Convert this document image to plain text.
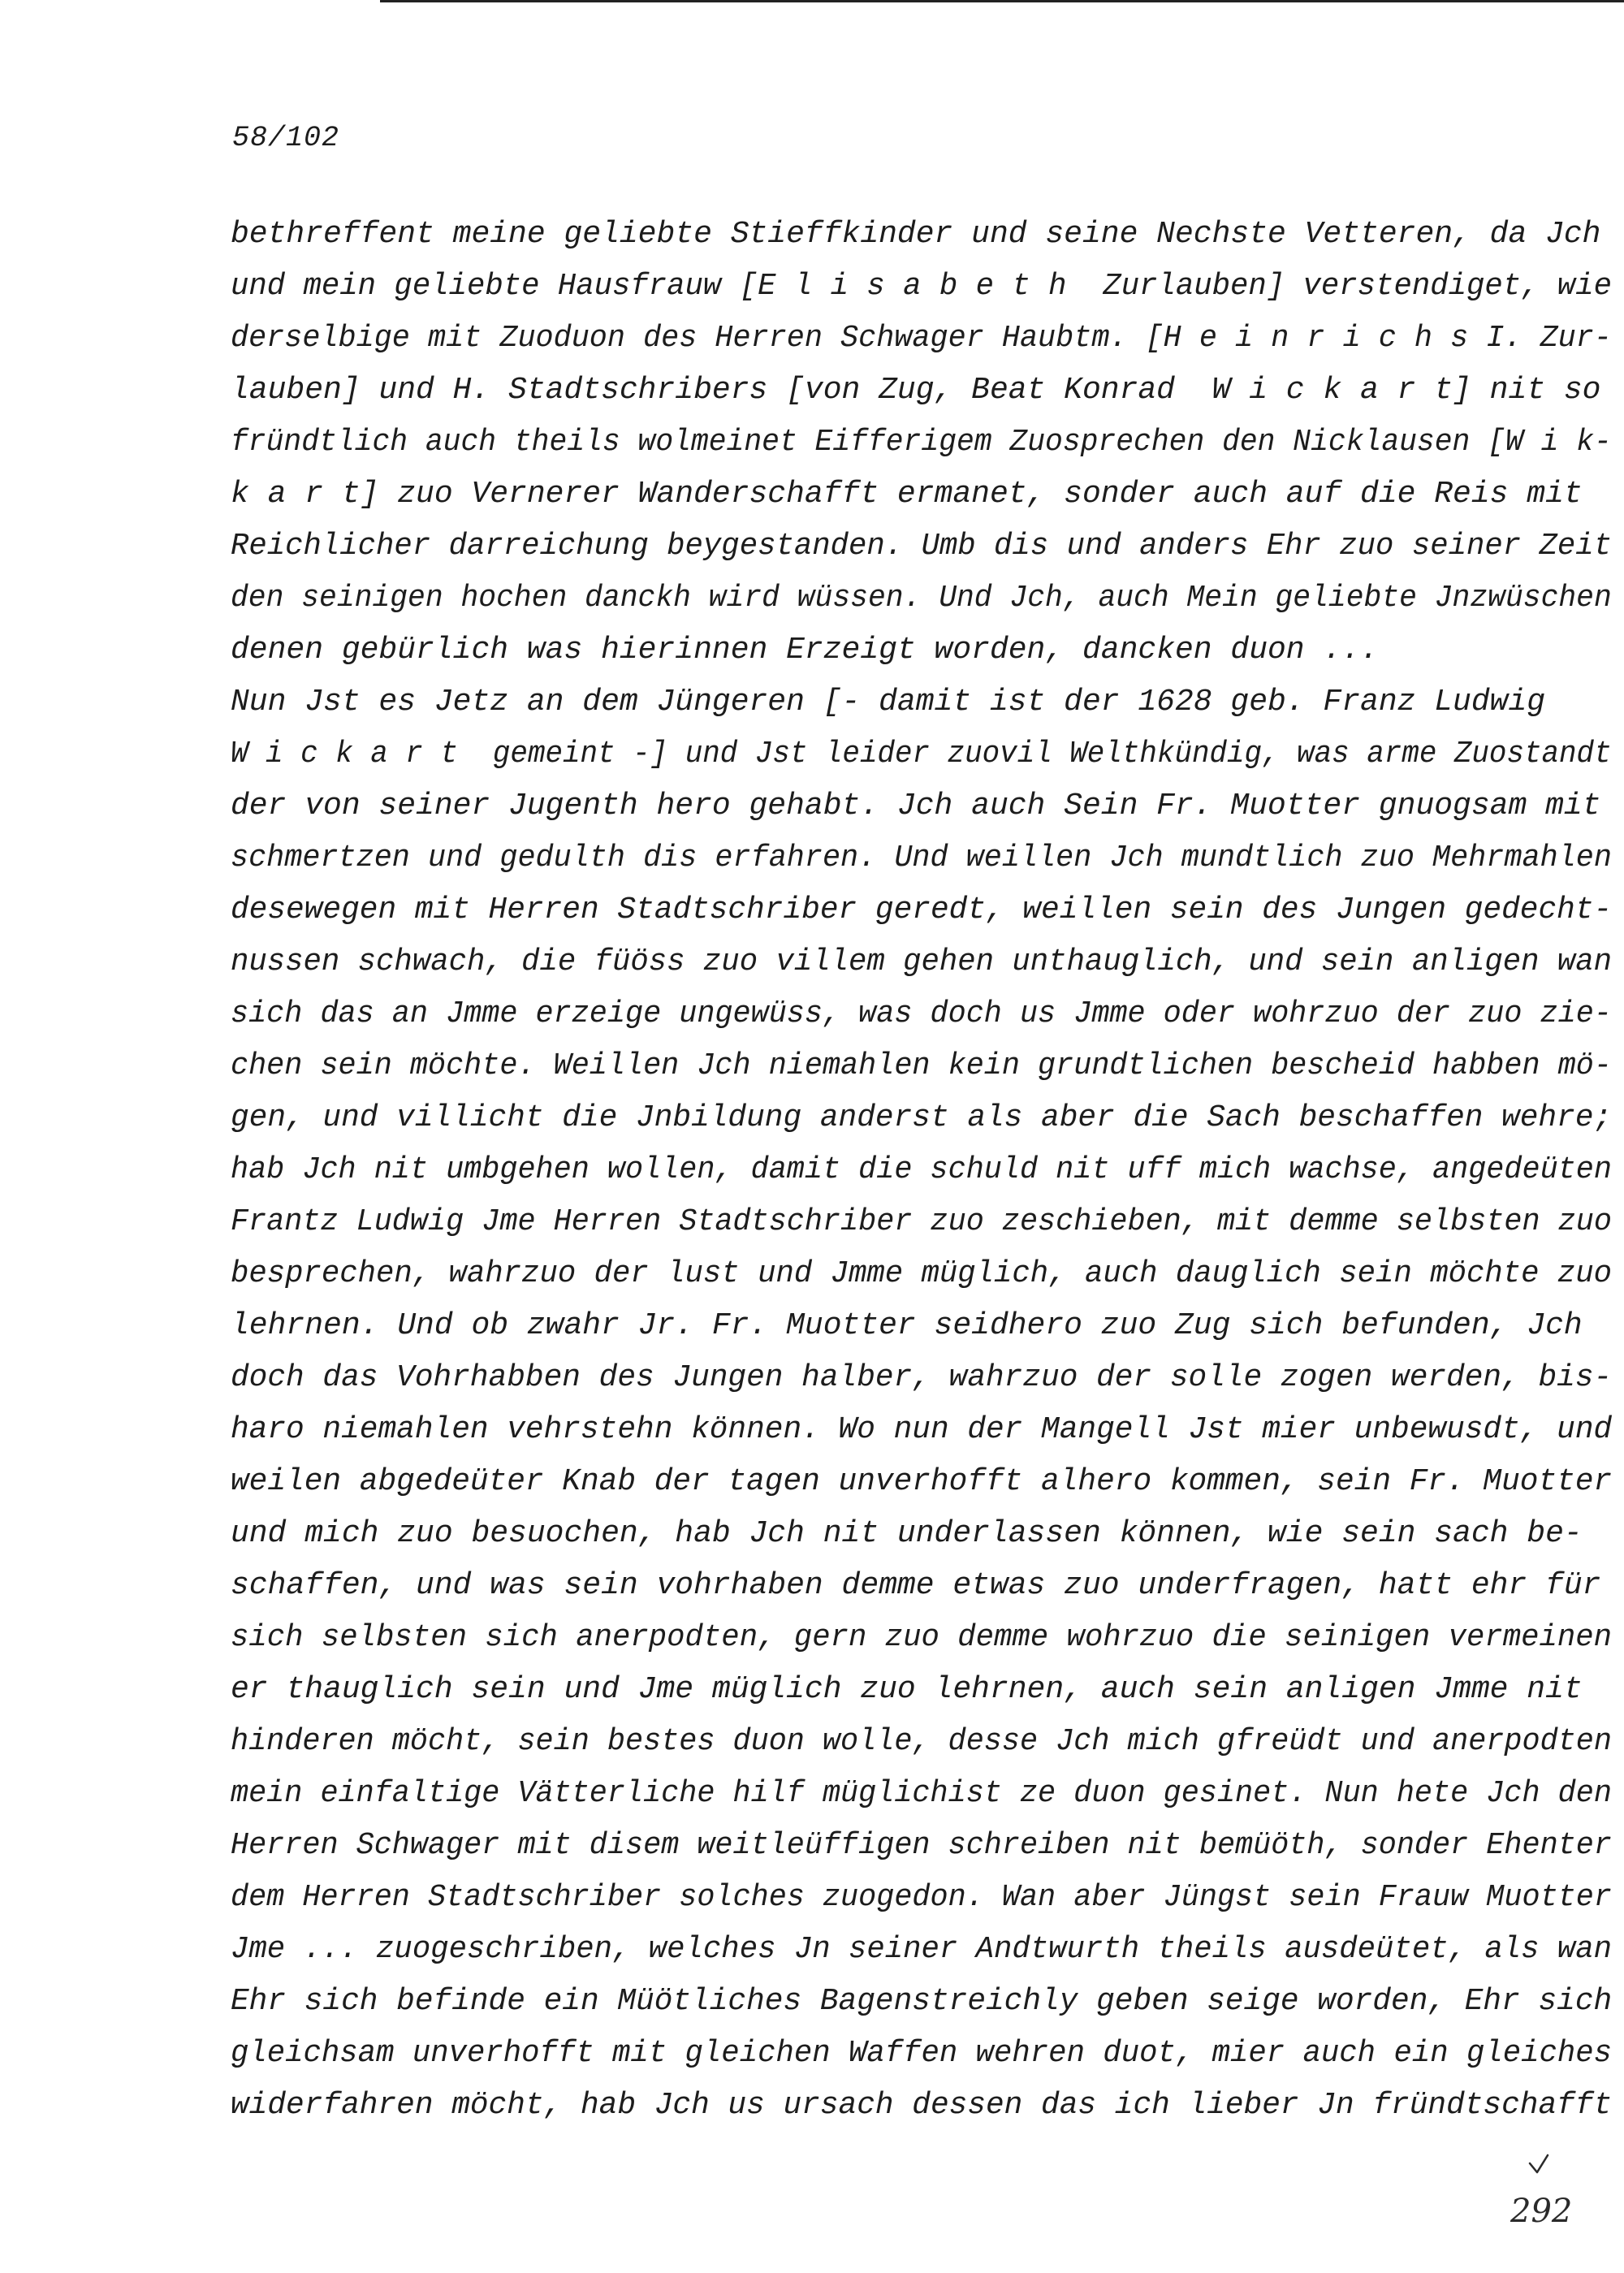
58/102
bethreffent meine geliebte Stieffkinder und seine Nechste Vetteren, da Jch
und mein geliebte Hausfrauw [E l i s a b e t h  Zurlauben] verstendiget, wie
derselbige mit Zuoduon des Herren Schwager Haubtm. [H e i n r i c h s I. Zur-
lauben] und H. Stadtschribers [von Zug, Beat Konrad  W i c k a r t] nit so
fründtlich auch theils wolmeinet Eifferigem Zuosprechen den Nicklausen [W i k-
k a r t] zuo Vernerer Wanderschafft ermanet, sonder auch auf die Reis mit
Reichlicher darreichung beygestanden. Umb dis und anders Ehr zuo seiner Zeit
den seinigen hochen danckh wird wüssen. Und Jch, auch Mein geliebte Jnzwüschen
denen gebürlich was hierinnen Erzeigt worden, dancken duon ...
Nun Jst es Jetz an dem Jüngeren [- damit ist der 1628 geb. Franz Ludwig
W i c k a r t  gemeint -] und Jst leider zuovil Welthkündig, was arme Zuostandt
der von seiner Jugenth hero gehabt. Jch auch Sein Fr. Muotter gnuogsam mit
schmertzen und gedulth dis erfahren. Und weillen Jch mundtlich zuo Mehrmahlen
desewegen mit Herren Stadtschriber geredt, weillen sein des Jungen gedecht-
nussen schwach, die füöss zuo villem gehen unthauglich, und sein anligen wan
sich das an Jmme erzeige ungewüss, was doch us Jmme oder wohrzuo der zuo zie-
chen sein möchte. Weillen Jch niemahlen kein grundtlichen bescheid habben mö-
gen, und villicht die Jnbildung anderst als aber die Sach beschaffen wehre;
hab Jch nit umbgehen wollen, damit die schuld nit uff mich wachse, angedeüten
Frantz Ludwig Jme Herren Stadtschriber zuo zeschieben, mit demme selbsten zuo
besprechen, wahrzuo der lust und Jmme müglich, auch dauglich sein möchte zuo
lehrnen. Und ob zwahr Jr. Fr. Muotter seidhero zuo Zug sich befunden, Jch
doch das Vohrhabben des Jungen halber, wahrzuo der solle zogen werden, bis-
haro niemahlen vehrstehn können. Wo nun der Mangell Jst mier unbewusdt, und
weilen abgedeüter Knab der tagen unverhofft alhero kommen, sein Fr. Muotter
und mich zuo besuochen, hab Jch nit underlassen können, wie sein sach be-
schaffen, und was sein vohrhaben demme etwas zuo underfragen, hatt ehr für
sich selbsten sich anerpodten, gern zuo demme wohrzuo die seinigen vermeinen
er thauglich sein und Jme müglich zuo lehrnen, auch sein anligen Jmme nit
hinderen möcht, sein bestes duon wolle, desse Jch mich gfreüdt und anerpodten
mein einfaltige Vätterliche hilf müglichist ze duon gesinet. Nun hete Jch den
Herren Schwager mit disem weitleüffigen schreiben nit bemüöth, sonder Ehenter
dem Herren Stadtschriber solches zuogedon. Wan aber Jüngst sein Frauw Muotter
Jme ... zuogeschriben, welches Jn seiner Andtwurth theils ausdeütet, als wan
Ehr sich befinde ein Müötliches Bagenstreichly geben seige worden, Ehr sich
gleichsam unverhofft mit gleichen Waffen wehren duot, mier auch ein gleiches
widerfahren möcht, hab Jch us ursach dessen das ich lieber Jn fründtschafft
292
